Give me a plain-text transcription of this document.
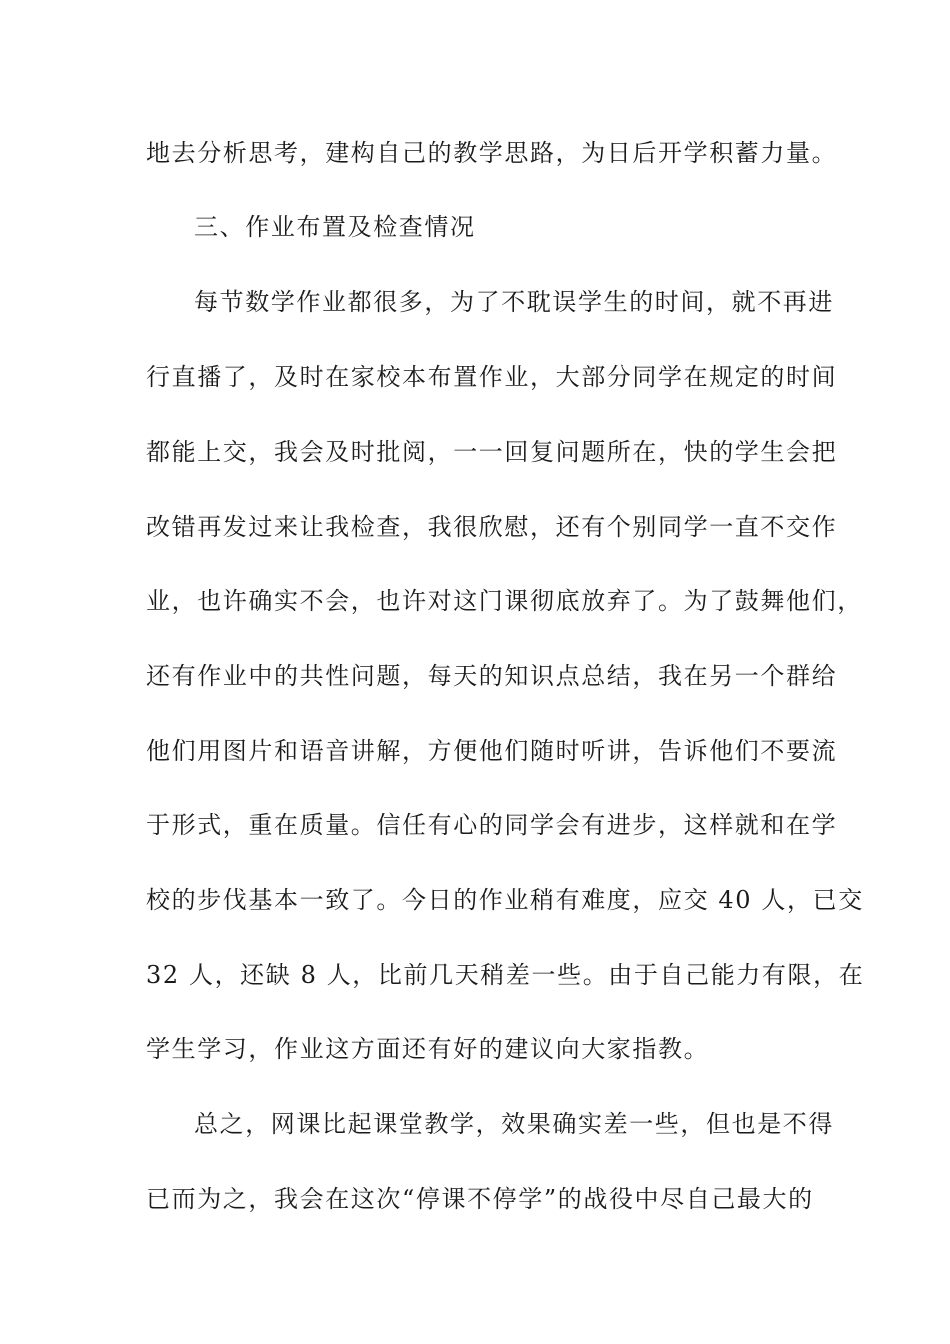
地去分析思考，建构自己的教学思路，为日后开学积蓄力量。
三、作业布置及检查情况
每节数学作业都很多，为了不耽误学生的时间，就不再进
行直播了，及时在家校本布置作业，大部分同学在规定的时间
都能上交，我会及时批阅，一一回复问题所在，快的学生会把
改错再发过来让我检查，我很欣慰，还有个别同学一直不交作
业，也许确实不会，也许对这门课彻底放弃了。为了鼓舞他们，
还有作业中的共性问题，每天的知识点总结，我在另一个群给
他们用图片和语音讲解，方便他们随时听讲，告诉他们不要流
于形式，重在质量。信任有心的同学会有进步，这样就和在学
校的步伐基本一致了。今日的作业稍有难度，应交 40 人，已交
32 人，还缺 8 人，比前几天稍差一些。由于自己能力有限，在
学生学习，作业这方面还有好的建议向大家指教。
总之，网课比起课堂教学，效果确实差一些，但也是不得
已而为之，我会在这次“停课不停学”的战役中尽自己最大的
